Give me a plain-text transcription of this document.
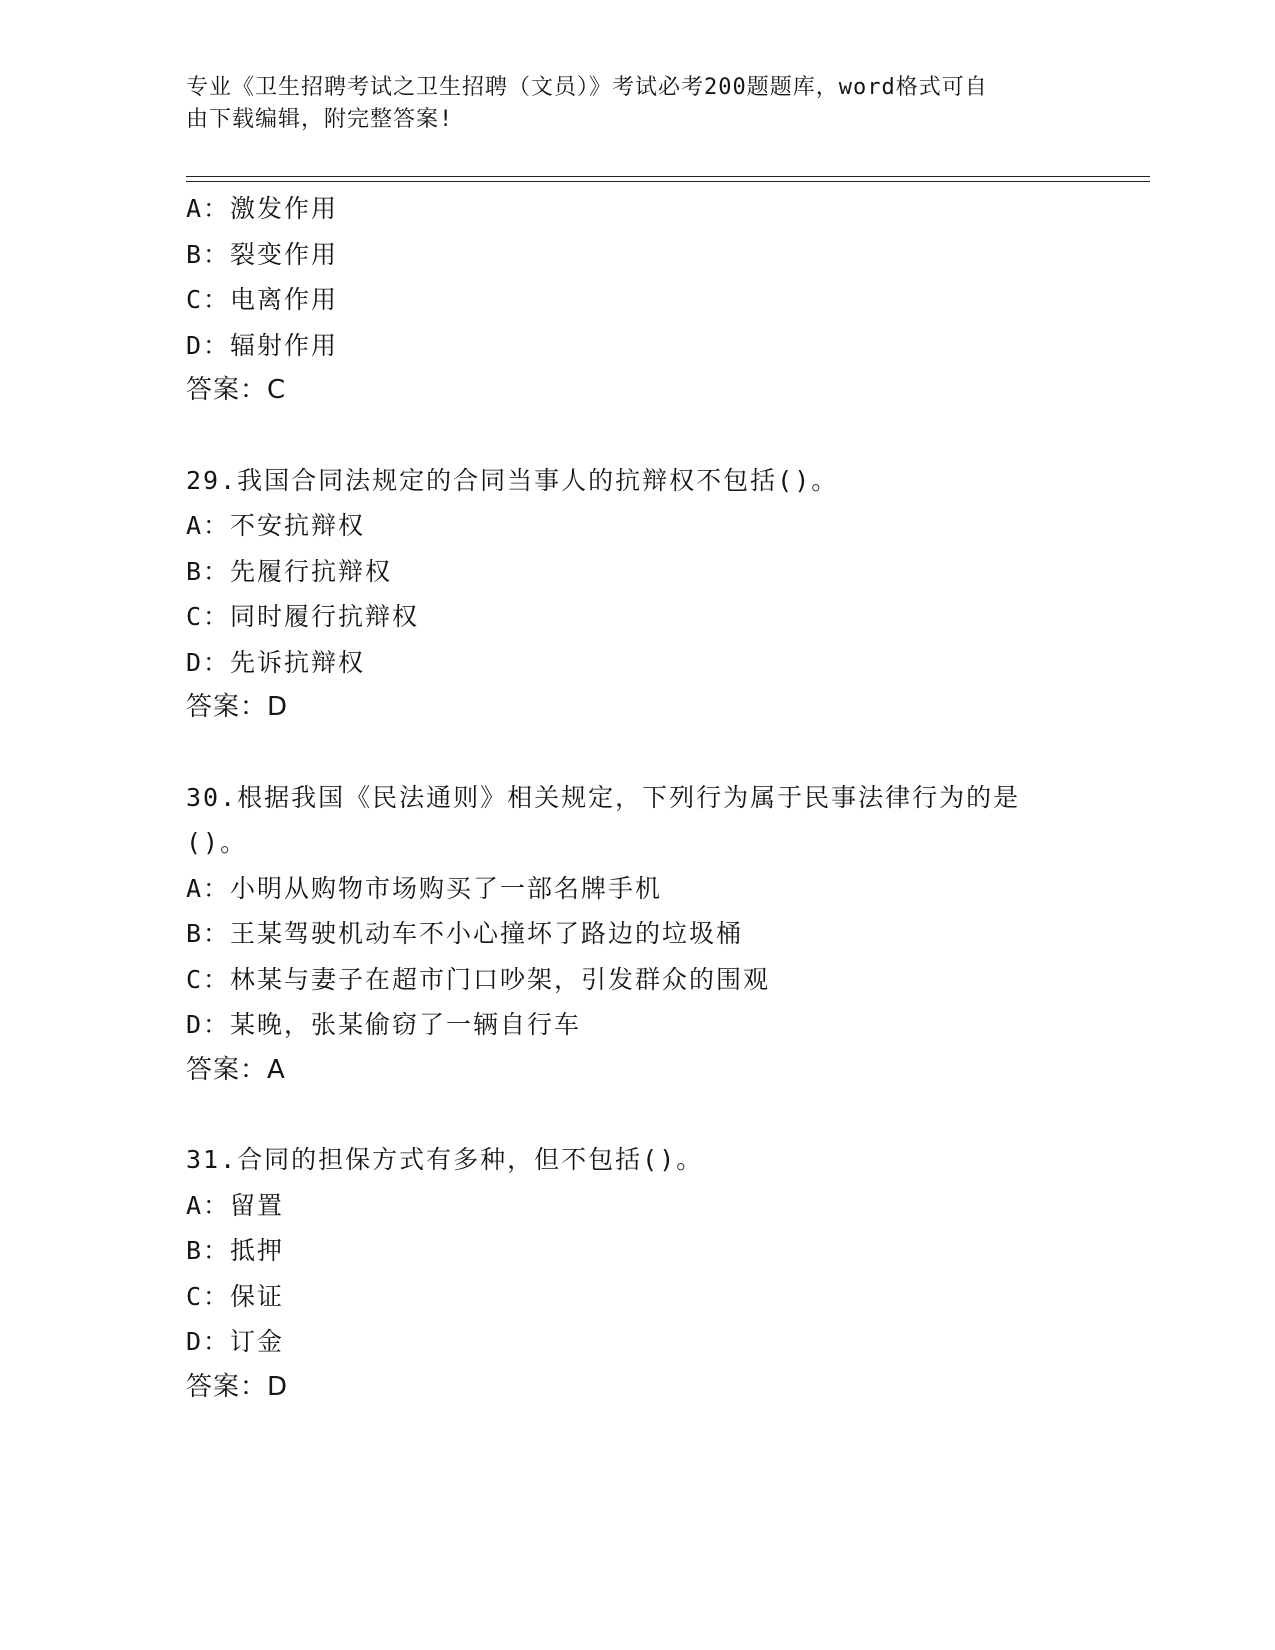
专业《卫生招聘考试之卫生招聘（文员）》考试必考200题题库，word格式可自
由下载编辑，附完整答案!
A：激发作用
B：裂变作用
C：电离作用
D：辐射作用
答案：C
29.我国合同法规定的合同当事人的抗辩权不包括()。
A：不安抗辩权
B：先履行抗辩权
C：同时履行抗辩权
D：先诉抗辩权
答案：D
30.根据我国《民法通则》相关规定，下列行为属于民事法律行为的是
()。
A：小明从购物市场购买了一部名牌手机
B：王某驾驶机动车不小心撞坏了路边的垃圾桶
C：林某与妻子在超市门口吵架，引发群众的围观
D：某晚，张某偷窃了一辆自行车
答案：A
31.合同的担保方式有多种，但不包括()。
A：留置
B：抵押
C：保证
D：订金
答案：D
